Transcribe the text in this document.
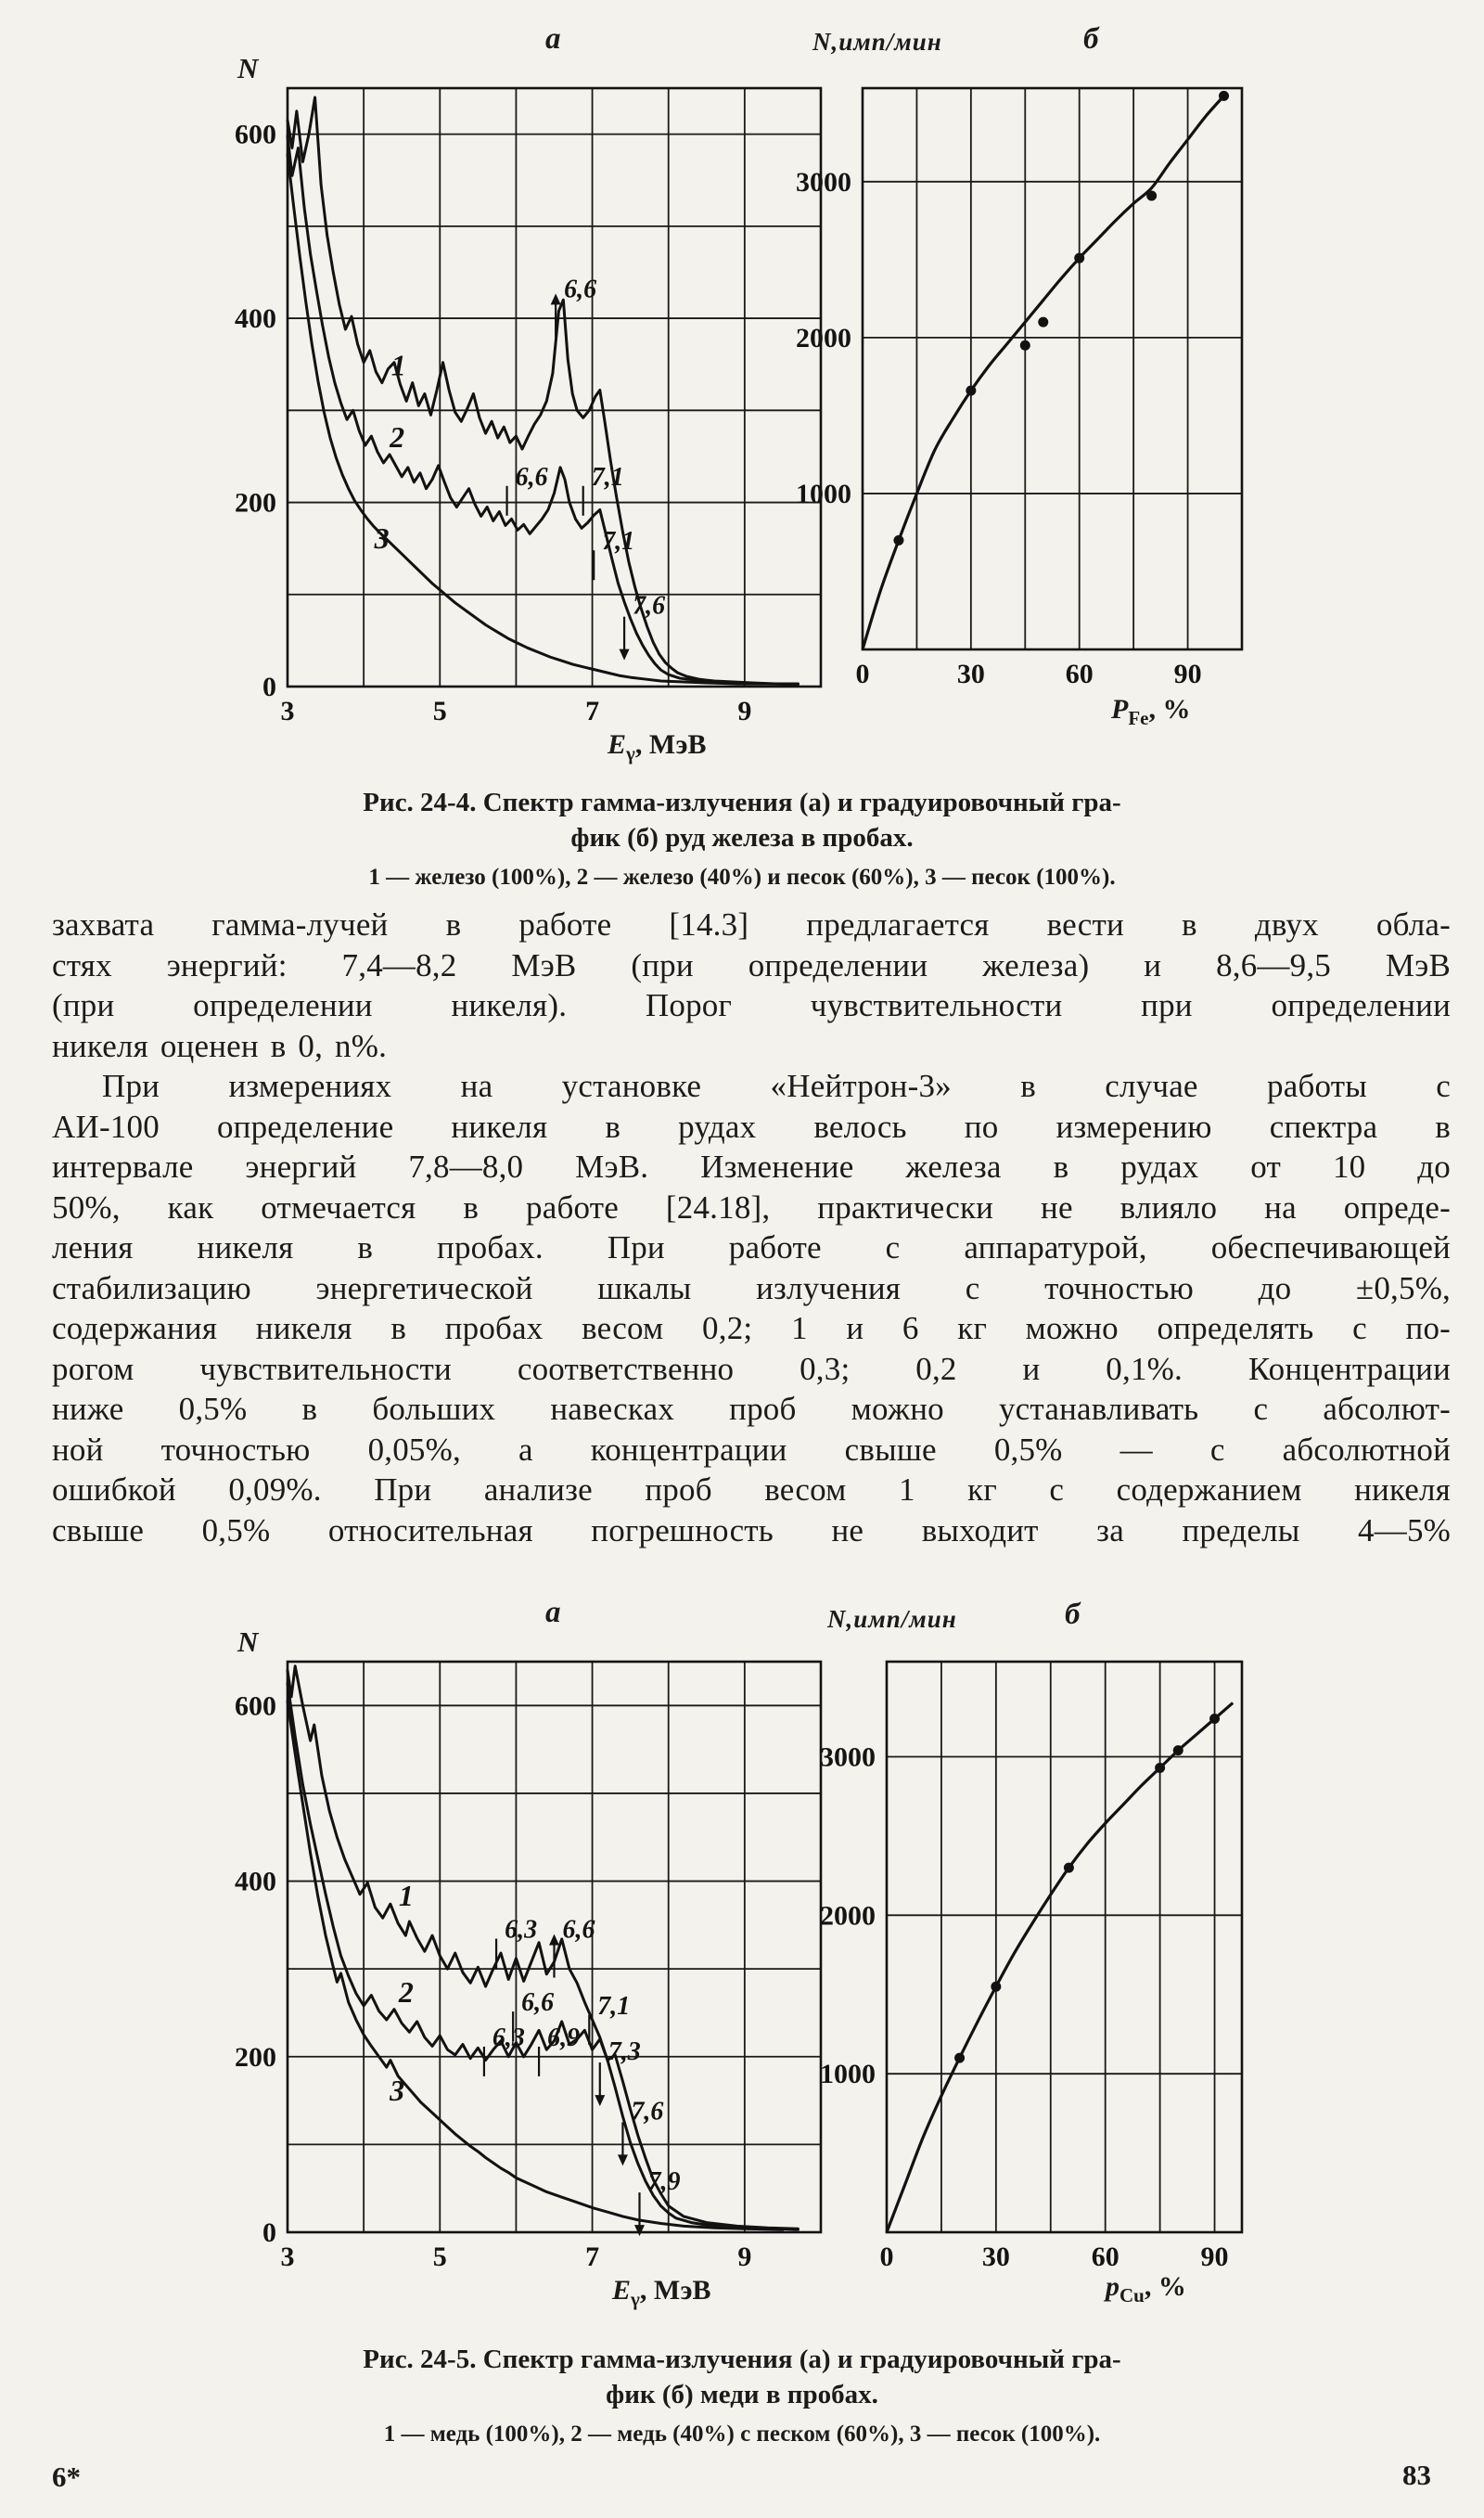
а	N,имп/мин	б
N
3	5	7	9
0
200
400
600
1
2
3
6,6
6,6 7,1
7,1
7,6
0	30	60	90
1000
2000
3000
$E_\gamma$, МэВ
$P_{Fe}$, %
Рис. 24-4. Спектр гамма-излучения (а) и градуировочный гра-
фик (б) руд железа в пробах.
1 — железо (100%), 2 — железо (40%) и песок (60%), 3 — песок (100%).
захвата гамма-лучей в работе [14.3] предлагается вести в двух обла-
стях энергий: 7,4—8,2 МэВ (при определении железа) и 8,6—9,5 МэВ
(при определении никеля). Порог чувствительности при определении
никеля оценен в 0, n%.
При измерениях на установке «Нейтрон-3» в случае работы с
АИ-100 определение никеля в рудах велось по измерению спектра в
интервале энергий 7,8—8,0 МэВ. Изменение железа в рудах от 10 до
50%, как отмечается в работе [24.18], практически не влияло на опреде-
ления никеля в пробах. При работе с аппаратурой, обеспечивающей
стабилизацию энергетической шкалы излучения с точностью до ±0,5%,
содержания никеля в пробах весом 0,2; 1 и 6 кг можно определять с по-
рогом чувствительности соответственно 0,3; 0,2 и 0,1%. Концентрации
ниже 0,5% в больших навесках проб можно устанавливать с абсолют-
ной точностью 0,05%, а концентрации свыше 0,5% — с абсолютной
ошибкой 0,09%. При анализе проб весом 1 кг с содержанием никеля
свыше 0,5% относительная погрешность не выходит за пределы 4—5%
а	N,имп/мин	б
N
3	5	7	9
0
200
400
600
1
2
3
6,3 6,6
6,6
6,3 6,9
7,1
7,3
7,6
7,9
0	30	60	90
1000
2000
3000
$E_\gamma$, МэВ	$p_{Cu}$, %
Рис. 24-5. Спектр гамма-излучения (а) и градуировочный гра-
фик (б) меди в пробах.
1 — медь (100%), 2 — медь (40%) с песком (60%), 3 — песок (100%).
6*	83
